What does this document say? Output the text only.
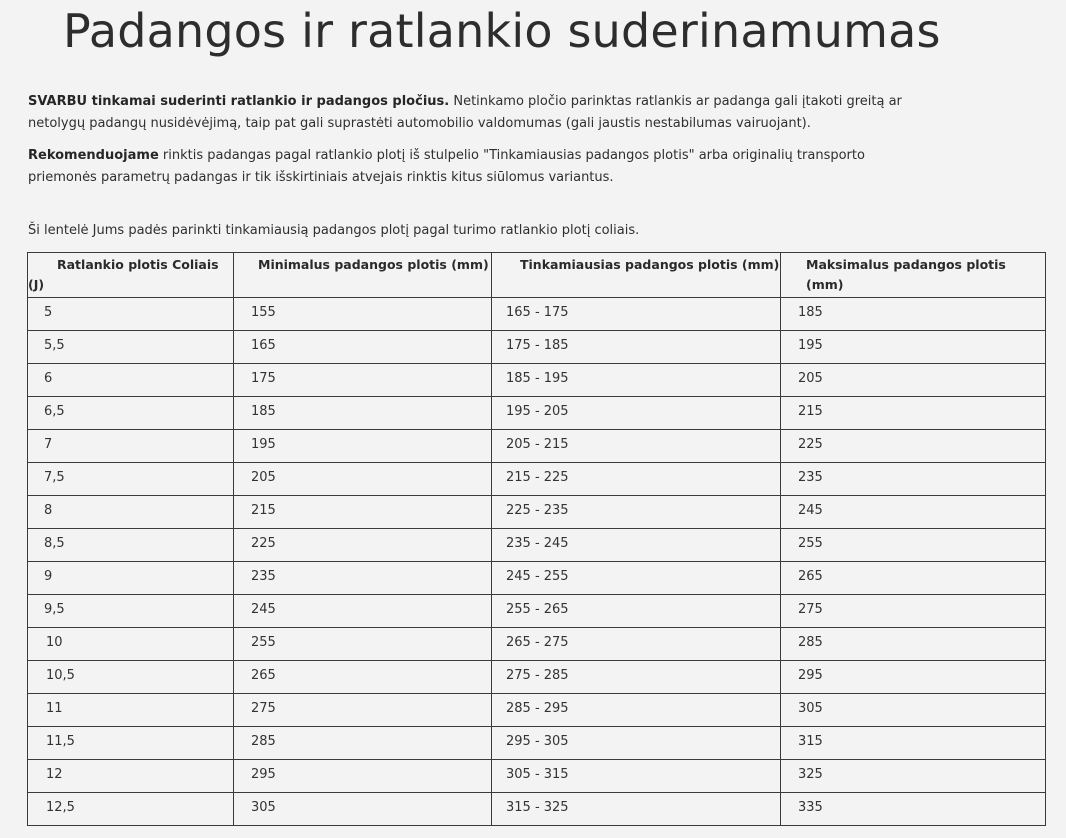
Padangos ir ratlankio suderinamumas

SVARBU tinkamai suderinti ratlankio ir padangos pločius. Netinkamo pločio parinktas ratlankis ar padanga gali įtakoti greitą ar netolygų padangų nusidėvėjimą, taip pat gali suprastėti automobilio valdomumas (gali jaustis nestabilumas vairuojant).

Rekomenduojame rinktis padangas pagal ratlankio plotį iš stulpelio "Tinkamiausias padangos plotis" arba originalių transporto priemonės parametrų padangas ir tik išskirtiniais atvejais rinktis kitus siūlomus variantus.

Ši lentelė Jums padės parinkti tinkamiausią padangos plotį pagal turimo ratlankio plotį coliais.

Ratlankio plotis Coliais (J)	Minimalus padangos plotis (mm)	Tinkamiausias padangos plotis (mm)	Maksimalus padangos plotis (mm)

5	155	165 - 175	185

5,5	165	175 - 185	195

6	175	185 - 195	205

6,5	185	195 - 205	215

7	195	205 - 215	225

7,5	205	215 - 225	235

8	215	225 - 235	245

8,5	225	235 - 245	255

9	235	245 - 255	265

9,5	245	255 - 265	275

10	255	265 - 275	285

10,5	265	275 - 285	295

11	275	285 - 295	305

11,5	285	295 - 305	315

12	295	305 - 315	325

12,5	305	315 - 325	335
